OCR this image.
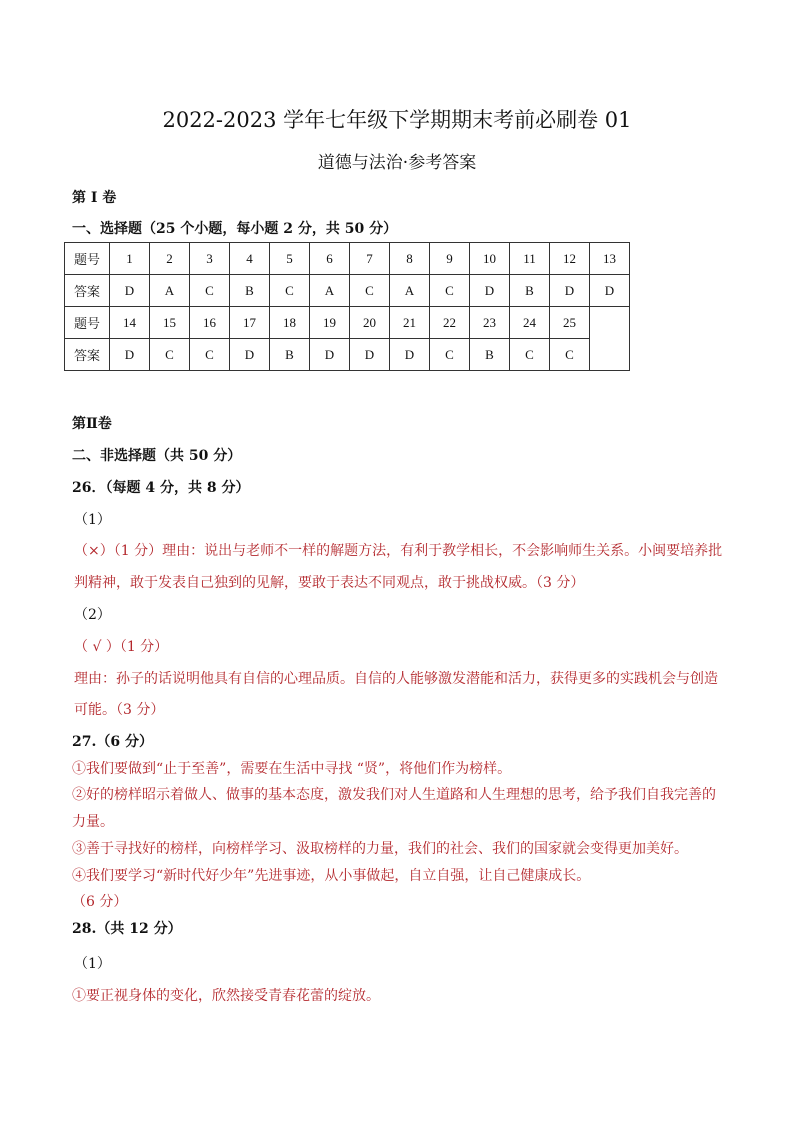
2022-2023 学年七年级下学期期末考前必刷卷 01
道德与法治·参考答案
第 I 卷
一、选择题（25 个小题，每小题 2 分，共 50 分）
题号	1	2	3	4	5	6	7	8	9	10	11	12	13
答案	D	A	C	B	C	A	C	A	C	D	B	D	D
题号	14	15	16	17	18	19	20	21	22	23	24	25	
答案	D	C	C	D	B	D	D	D	C	B	C	C	
第Ⅱ卷
二、非选择题（共 50 分）
26．（每题 4 分，共 8 分）
（1）
（×）（1 分）理由：说出与老师不一样的解题方法，有利于教学相长，不会影响师生关系。小闽要培养批
判精神，敢于发表自己独到的见解，要敢于表达不同观点，敢于挑战权威。（3 分）
（2）
（ √ ）（1 分）
理由：孙子的话说明他具有自信的心理品质。自信的人能够激发潜能和活力，获得更多的实践机会与创造
可能。（3 分）
27.（6 分）
①我们要做到“止于至善”，需要在生活中寻找 “贤”，将他们作为榜样。
②好的榜样昭示着做人、做事的基本态度，激发我们对人生道路和人生理想的思考，给予我们自我完善的
力量。
③善于寻找好的榜样，向榜样学习、汲取榜样的力量，我们的社会、我们的国家就会变得更加美好。
④我们要学习“新时代好少年”先进事迹，从小事做起，自立自强，让自己健康成长。
（6 分）
28.（共 12 分）
（1）
①要正视身体的变化，欣然接受青春花蕾的绽放。
